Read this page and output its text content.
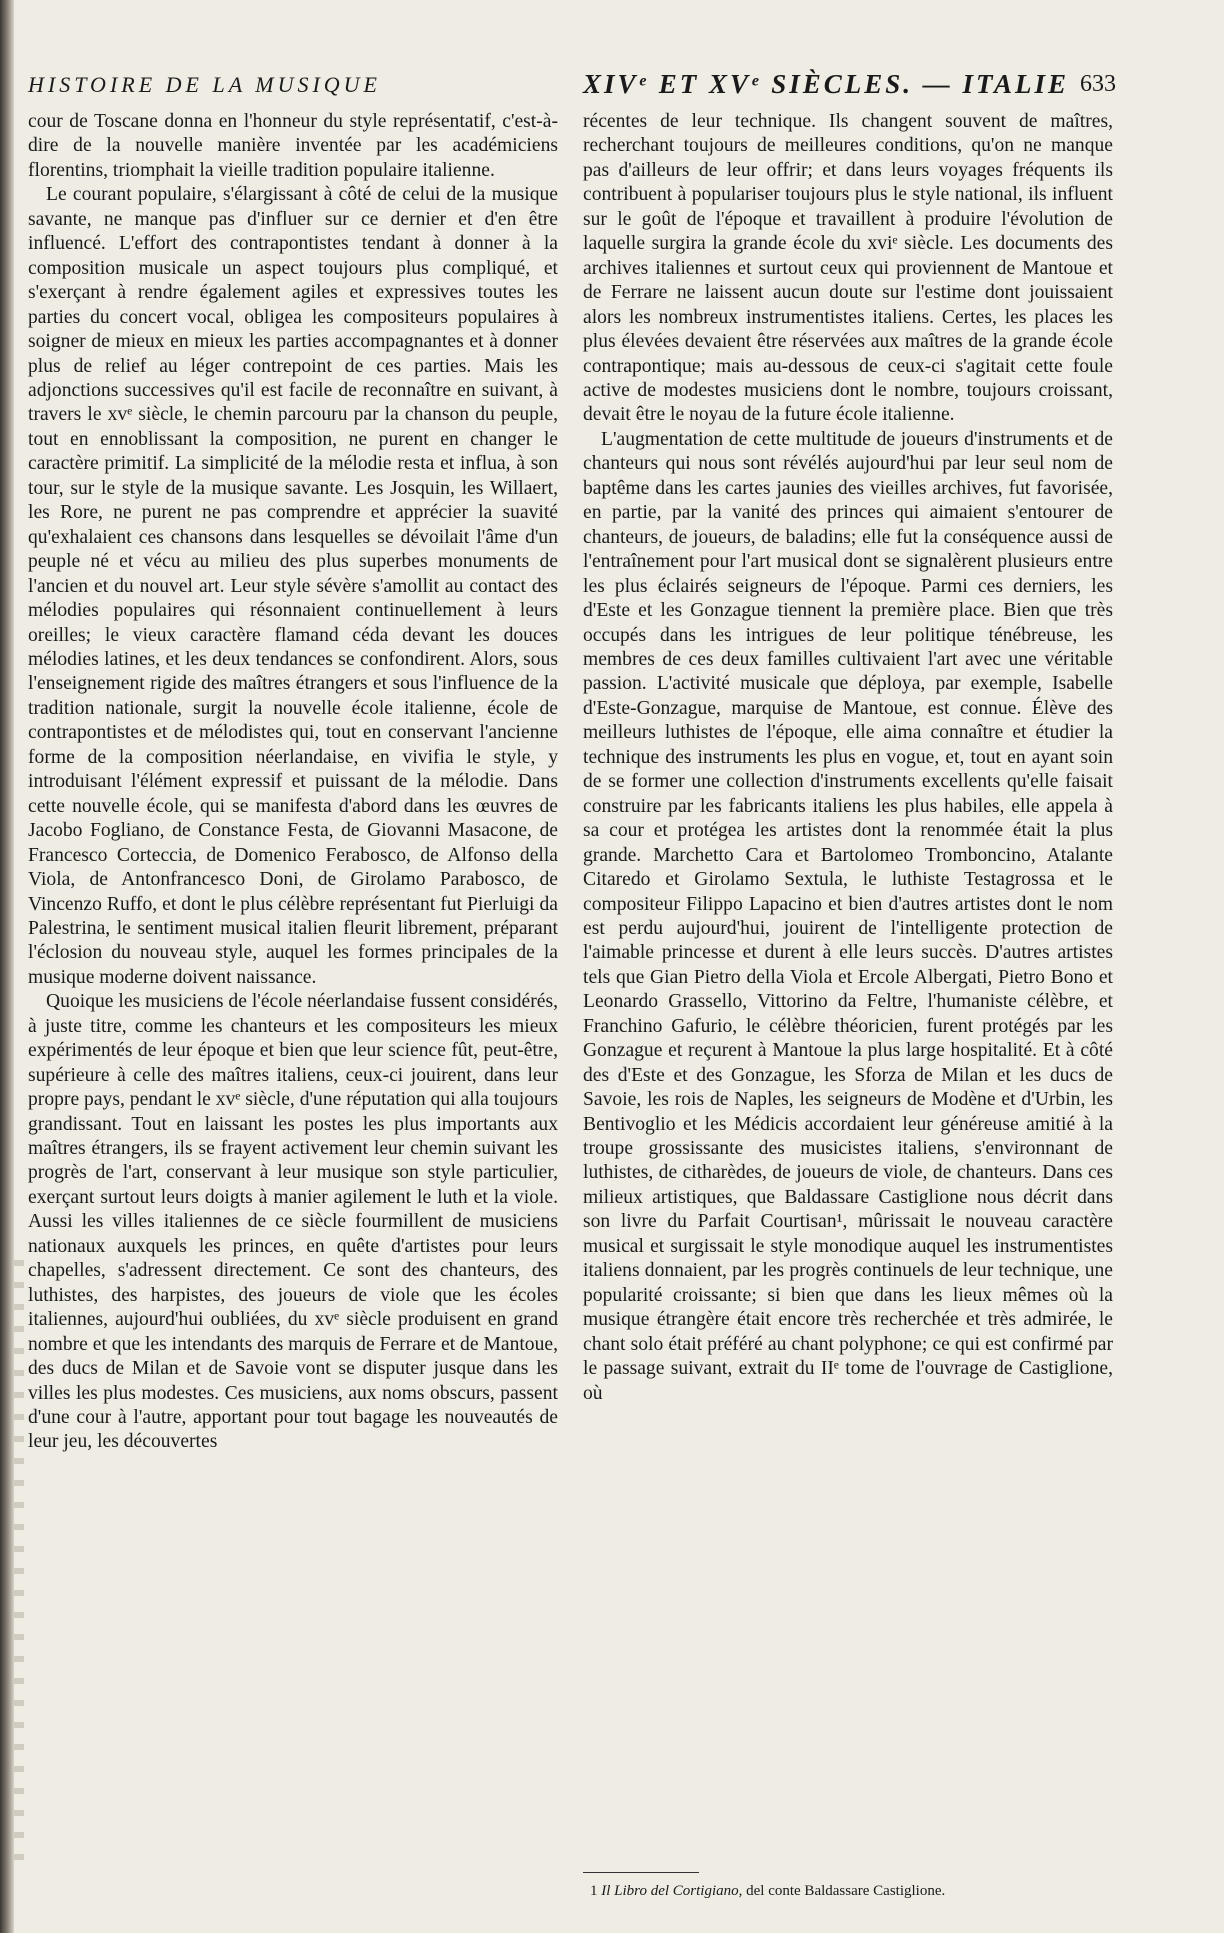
HISTOIRE DE LA MUSIQUE	XIVᵉ ET XVᵉ SIÈCLES. — ITALIE 633

cour de Toscane donna en l'honneur du style représentatif, c'est-à-dire de la nouvelle manière inventée par les académiciens florentins, triomphait la vieille tradition populaire italienne.

Le courant populaire, s'élargissant à côté de celui de la musique savante, ne manque pas d'influer sur ce dernier et d'en être influencé. L'effort des contrapontistes tendant à donner à la composition musicale un aspect toujours plus compliqué, et s'exerçant à rendre également agiles et expressives toutes les parties du concert vocal, obligea les compositeurs populaires à soigner de mieux en mieux les parties accompagnantes et à donner plus de relief au léger contrepoint de ces parties. Mais les adjonctions successives qu'il est facile de reconnaître en suivant, à travers le xvᵉ siècle, le chemin parcouru par la chanson du peuple, tout en ennoblissant la composition, ne purent en changer le caractère primitif. La simplicité de la mélodie resta et influa, à son tour, sur le style de la musique savante. Les Josquin, les Willaert, les Rore, ne purent ne pas comprendre et apprécier la suavité qu'exhalaient ces chansons dans lesquelles se dévoilait l'âme d'un peuple né et vécu au milieu des plus superbes monuments de l'ancien et du nouvel art. Leur style sévère s'amollit au contact des mélodies populaires qui résonnaient continuellement à leurs oreilles; le vieux caractère flamand céda devant les douces mélodies latines, et les deux tendances se confondirent. Alors, sous l'enseignement rigide des maîtres étrangers et sous l'influence de la tradition nationale, surgit la nouvelle école italienne, école de contrapontistes et de mélodistes qui, tout en conservant l'ancienne forme de la composition néerlandaise, en vivifia le style, y introduisant l'élément expressif et puissant de la mélodie. Dans cette nouvelle école, qui se manifesta d'abord dans les œuvres de Jacobo Fogliano, de Constance Festa, de Giovanni Masacone, de Francesco Corteccia, de Domenico Ferabosco, de Alfonso della Viola, de Antonfrancesco Doni, de Girolamo Parabosco, de Vincenzo Ruffo, et dont le plus célèbre représentant fut Pierluigi da Palestrina, le sentiment musical italien fleurit librement, préparant l'éclosion du nouveau style, auquel les formes principales de la musique moderne doivent naissance.

Quoique les musiciens de l'école néerlandaise fussent considérés, à juste titre, comme les chanteurs et les compositeurs les mieux expérimentés de leur époque et bien que leur science fût, peut-être, supérieure à celle des maîtres italiens, ceux-ci jouirent, dans leur propre pays, pendant le xvᵉ siècle, d'une réputation qui alla toujours grandissant. Tout en laissant les postes les plus importants aux maîtres étrangers, ils se frayent activement leur chemin suivant les progrès de l'art, conservant à leur musique son style particulier, exerçant surtout leurs doigts à manier agilement le luth et la viole. Aussi les villes italiennes de ce siècle fourmillent de musiciens nationaux auxquels les princes, en quête d'artistes pour leurs chapelles, s'adressent directement. Ce sont des chanteurs, des luthistes, des harpistes, des joueurs de viole que les écoles italiennes, aujourd'hui oubliées, du xvᵉ siècle produisent en grand nombre et que les intendants des marquis de Ferrare et de Mantoue, des ducs de Milan et de Savoie vont se disputer jusque dans les villes les plus modestes. Ces musiciens, aux noms obscurs, passent d'une cour à l'autre, apportant pour tout bagage les nouveautés de leur jeu, les découvertes

récentes de leur technique. Ils changent souvent de maîtres, recherchant toujours de meilleures conditions, qu'on ne manque pas d'ailleurs de leur offrir; et dans leurs voyages fréquents ils contribuent à populariser toujours plus le style national, ils influent sur le goût de l'époque et travaillent à produire l'évolution de laquelle surgira la grande école du xviᵉ siècle. Les documents des archives italiennes et surtout ceux qui proviennent de Mantoue et de Ferrare ne laissent aucun doute sur l'estime dont jouissaient alors les nombreux instrumentistes italiens. Certes, les places les plus élevées devaient être réservées aux maîtres de la grande école contrapontique; mais au-dessous de ceux-ci s'agitait cette foule active de modestes musiciens dont le nombre, toujours croissant, devait être le noyau de la future école italienne.

L'augmentation de cette multitude de joueurs d'instruments et de chanteurs qui nous sont révélés aujourd'hui par leur seul nom de baptême dans les cartes jaunies des vieilles archives, fut favorisée, en partie, par la vanité des princes qui aimaient s'entourer de chanteurs, de joueurs, de baladins; elle fut la conséquence aussi de l'entraînement pour l'art musical dont se signalèrent plusieurs entre les plus éclairés seigneurs de l'époque. Parmi ces derniers, les d'Este et les Gonzague tiennent la première place. Bien que très occupés dans les intrigues de leur politique ténébreuse, les membres de ces deux familles cultivaient l'art avec une véritable passion. L'activité musicale que déploya, par exemple, Isabelle d'Este-Gonzague, marquise de Mantoue, est connue. Élève des meilleurs luthistes de l'époque, elle aima connaître et étudier la technique des instruments les plus en vogue, et, tout en ayant soin de se former une collection d'instruments excellents qu'elle faisait construire par les fabricants italiens les plus habiles, elle appela à sa cour et protégea les artistes dont la renommée était la plus grande. Marchetto Cara et Bartolomeo Tromboncino, Atalante Citaredo et Girolamo Sextula, le luthiste Testagrossa et le compositeur Filippo Lapacino et bien d'autres artistes dont le nom est perdu aujourd'hui, jouirent de l'intelligente protection de l'aimable princesse et durent à elle leurs succès. D'autres artistes tels que Gian Pietro della Viola et Ercole Albergati, Pietro Bono et Leonardo Grassello, Vittorino da Feltre, l'humaniste célèbre, et Franchino Gafurio, le célèbre théoricien, furent protégés par les Gonzague et reçurent à Mantoue la plus large hospitalité. Et à côté des d'Este et des Gonzague, les Sforza de Milan et les ducs de Savoie, les rois de Naples, les seigneurs de Modène et d'Urbin, les Bentivoglio et les Médicis accordaient leur généreuse amitié à la troupe grossissante des musicistes italiens, s'environnant de luthistes, de citharèdes, de joueurs de viole, de chanteurs. Dans ces milieux artistiques, que Baldassare Castiglione nous décrit dans son livre du Parfait Courtisan¹, mûrissait le nouveau caractère musical et surgissait le style monodique auquel les instrumentistes italiens donnaient, par les progrès continuels de leur technique, une popularité croissante; si bien que dans les lieux mêmes où la musique étrangère était encore très recherchée et très admirée, le chant solo était préféré au chant polyphone; ce qui est confirmé par le passage suivant, extrait du IIᵉ tome de l'ouvrage de Castiglione, où

1 Il Libro del Cortigiano, del conte Baldassare Castiglione.
